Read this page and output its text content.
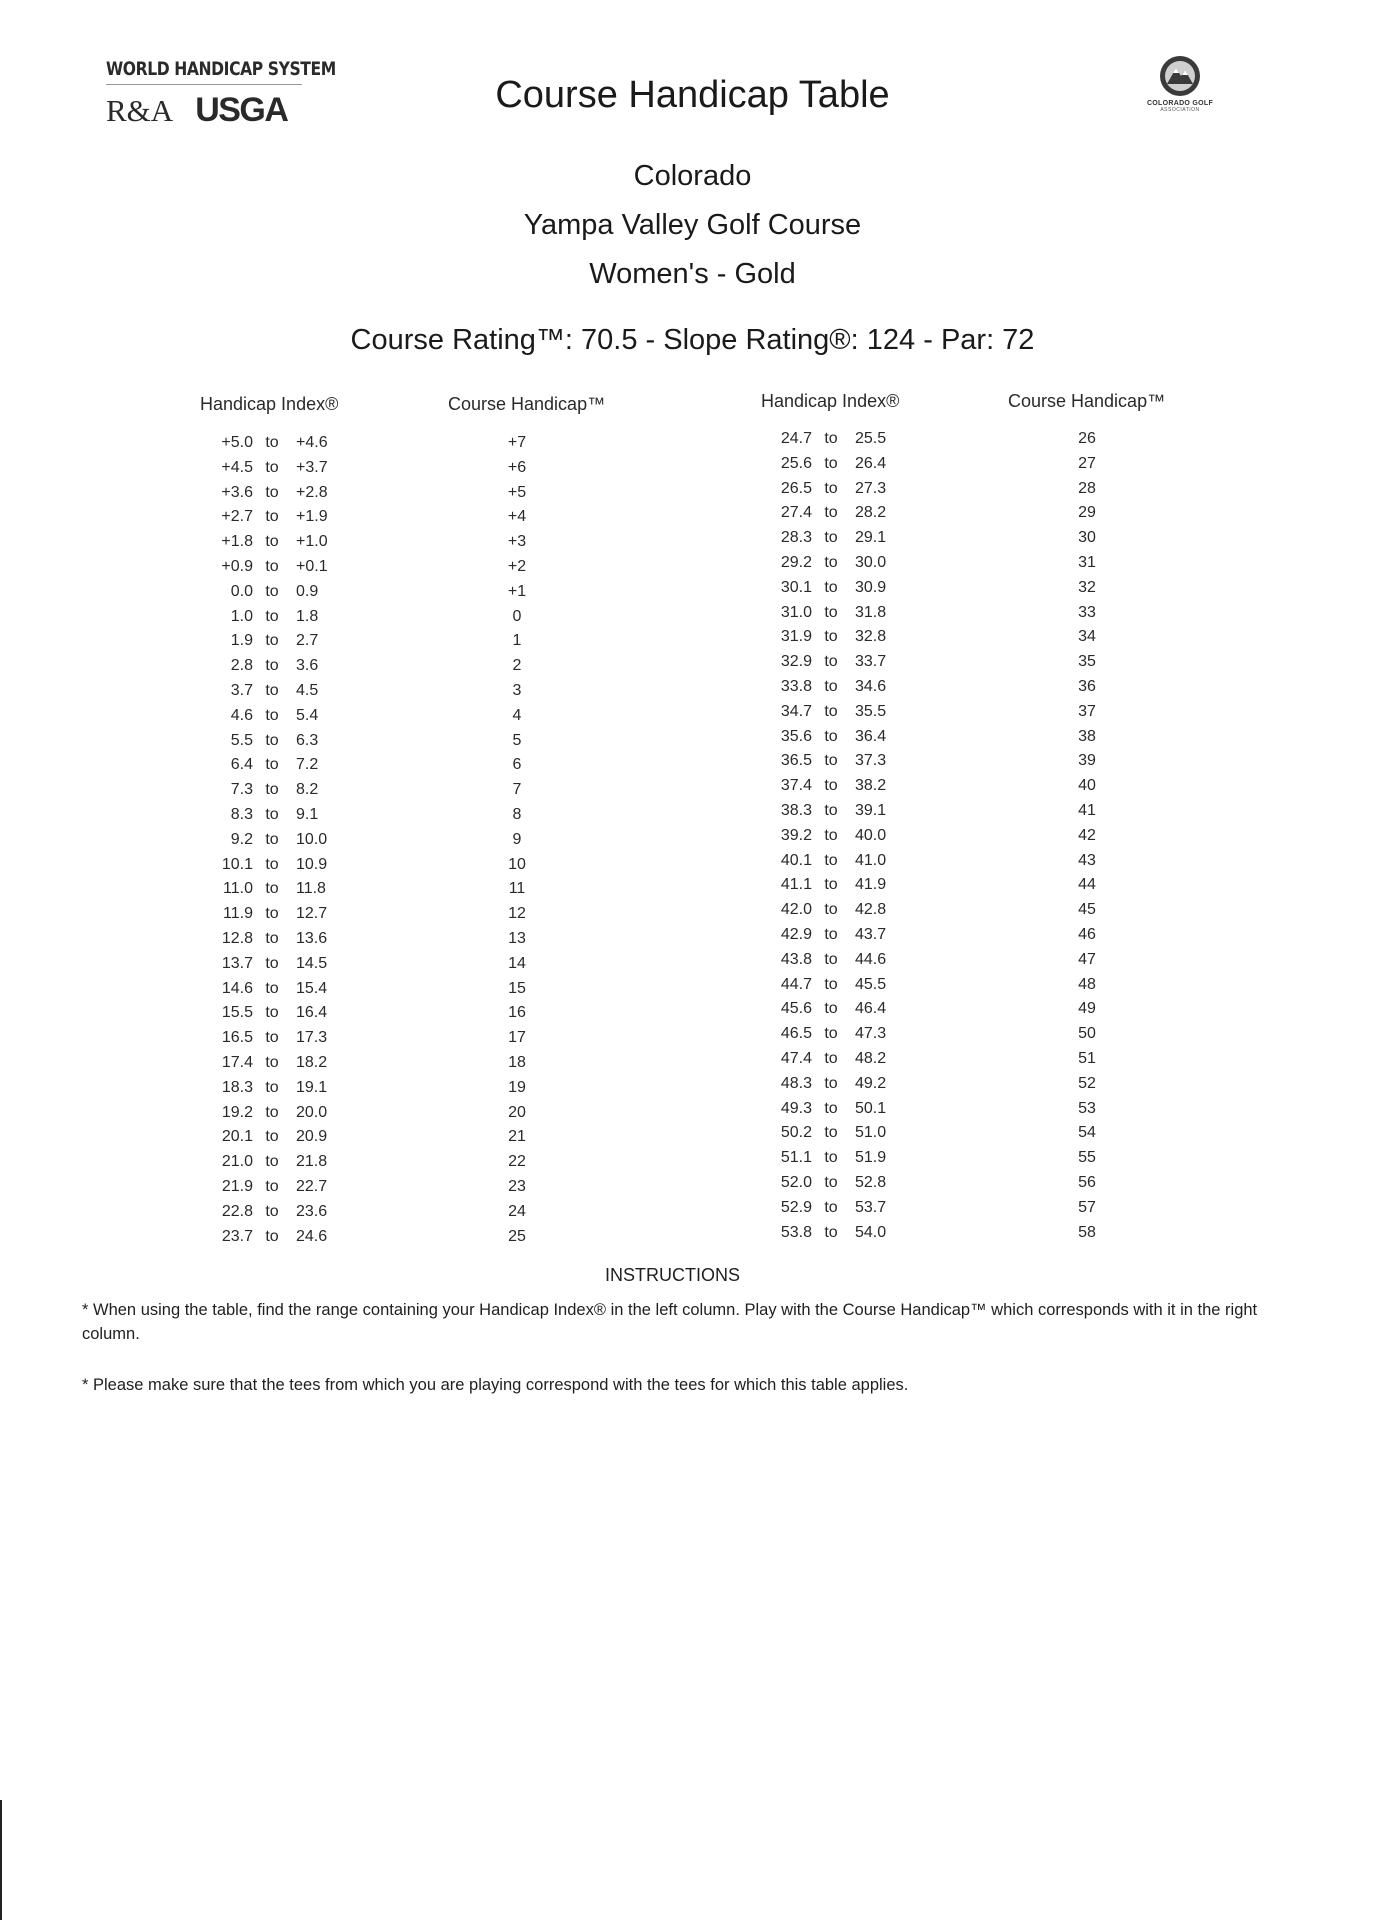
WORLD HANDICAP SYSTEM
R&A USGA	COLORADO GOLF
ASSOCIATION
Course Handicap Table
Colorado
Yampa Valley Golf Course
Women's - Gold
Course Rating™: 70.5 - Slope Rating®: 124 - Par: 72
Handicap Index®	Course Handicap™	Handicap Index®	Course Handicap™
+5.0 to	+4.6	+7
+4.5 to	+3.7	+6
+3.6 to	+2.8	+5
+2.7 to	+1.9	+4
+1.8 to	+1.0	+3
+0.9 to	+0.1	+2
0.0 to	0.9	+1
1.0 to	1.8	0
1.9 to	2.7	1
2.8 to	3.6	2
3.7 to	4.5	3
4.6 to	5.4	4
5.5 to	6.3	5
6.4 to	7.2	6
7.3 to	8.2	7
8.3 to	9.1	8
9.2 to	10.0	9
10.1 to	10.9	10
11.0 to	11.8	11
11.9 to	12.7	12
12.8 to	13.6	13
13.7 to	14.5	14
14.6 to	15.4	15
15.5 to	16.4	16
16.5 to	17.3	17
17.4 to	18.2	18
18.3 to	19.1	19
19.2 to	20.0	20
20.1 to	20.9	21
21.0 to	21.8	22
21.9 to	22.7	23
22.8 to	23.6	24
23.7 to	24.6	25
24.7 to	25.5	26
25.6 to	26.4	27
26.5 to	27.3	28
27.4 to	28.2	29
28.3 to	29.1	30
29.2 to	30.0	31
30.1 to	30.9	32
31.0 to	31.8	33
31.9 to	32.8	34
32.9 to	33.7	35
33.8 to	34.6	36
34.7 to	35.5	37
35.6 to	36.4	38
36.5 to	37.3	39
37.4 to	38.2	40
38.3 to	39.1	41
39.2 to	40.0	42
40.1 to	41.0	43
41.1 to	41.9	44
42.0 to	42.8	45
42.9 to	43.7	46
43.8 to	44.6	47
44.7 to	45.5	48
45.6 to	46.4	49
46.5 to	47.3	50
47.4 to	48.2	51
48.3 to	49.2	52
49.3 to	50.1	53
50.2 to	51.0	54
51.1 to	51.9	55
52.0 to	52.8	56
52.9 to	53.7	57
53.8 to	54.0	58
INSTRUCTIONS
* When using the table, find the range containing your Handicap Index® in the left column. Play with the Course Handicap™ which corresponds with it in the right column.
* Please make sure that the tees from which you are playing correspond with the tees for which this table applies.
